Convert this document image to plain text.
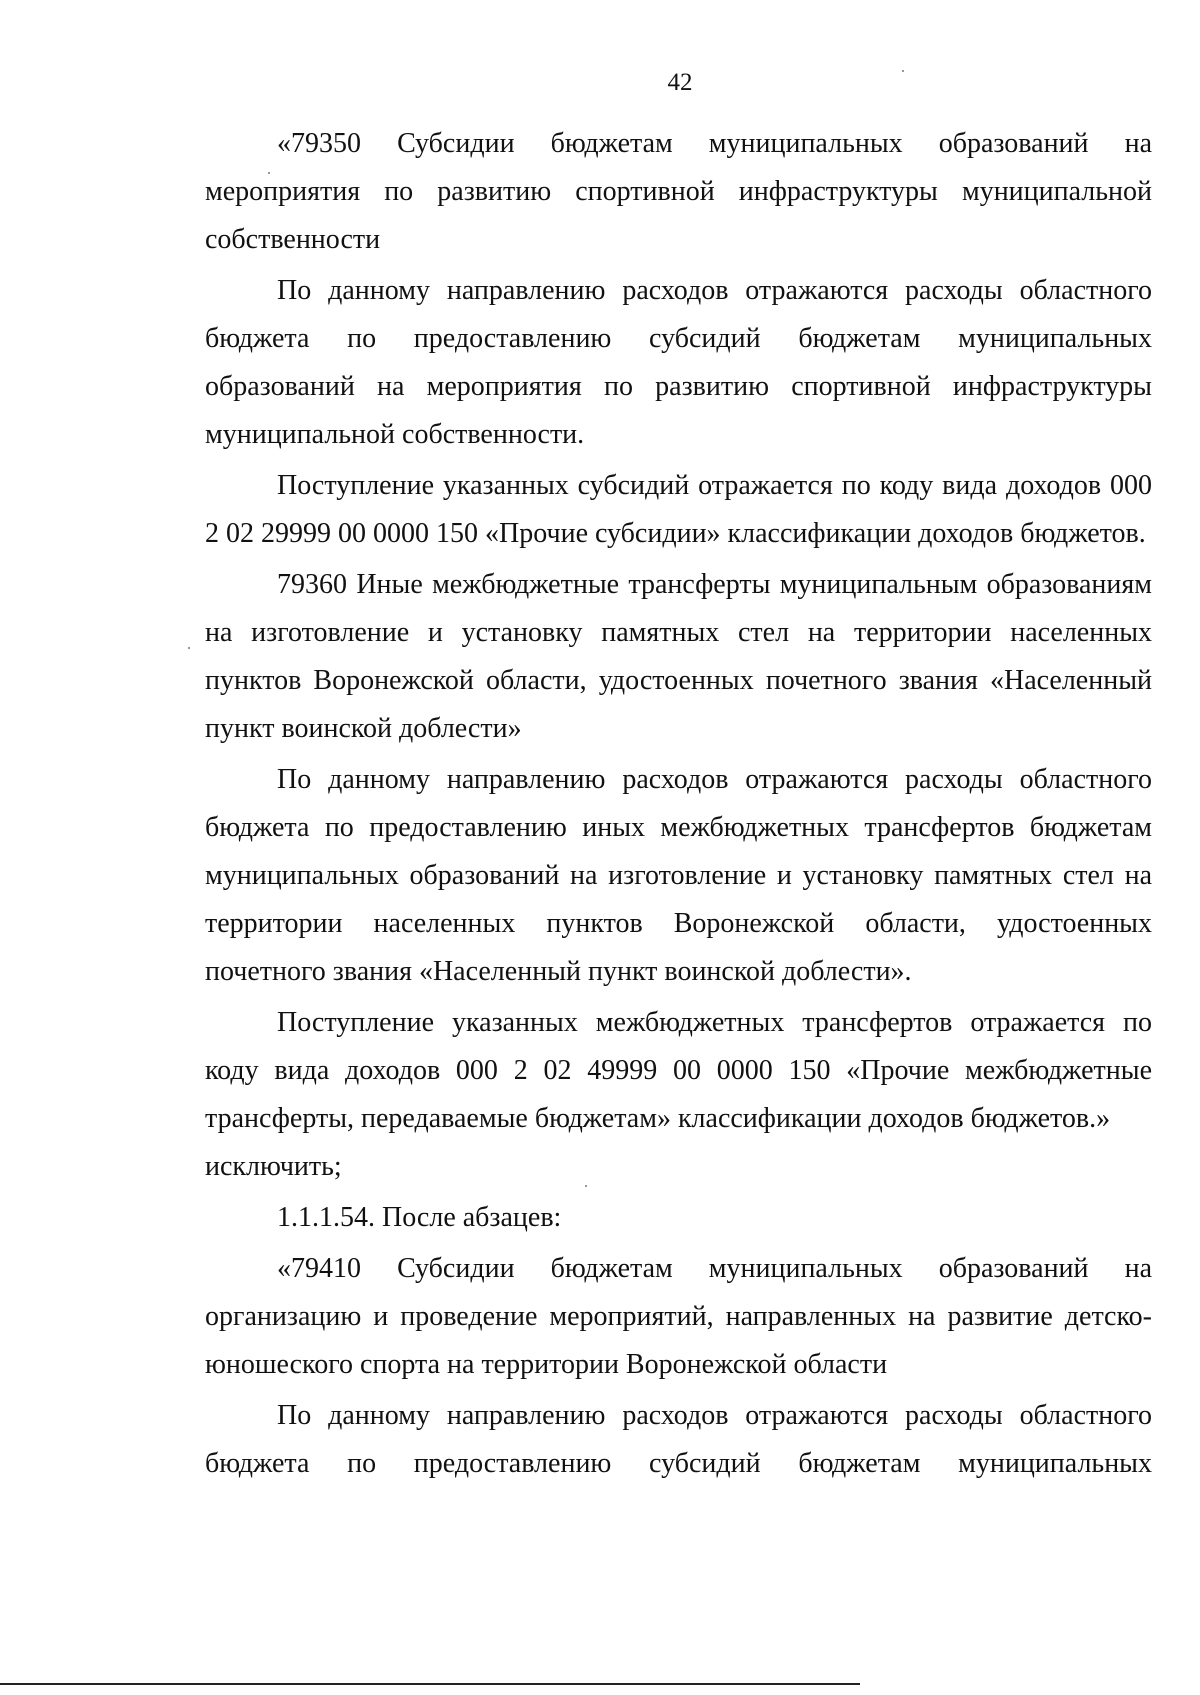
42

«79350 Субсидии бюджетам муниципальных образований на мероприятия по развитию спортивной инфраструктуры муниципальной собственности

По данному направлению расходов отражаются расходы областного бюджета по предоставлению субсидий бюджетам муниципальных образований на мероприятия по развитию спортивной инфраструктуры муниципальной собственности.

Поступление указанных субсидий отражается по коду вида доходов 000 2 02 29999 00 0000 150 «Прочие субсидии» классификации доходов бюджетов.

79360 Иные межбюджетные трансферты муниципальным образованиям на изготовление и установку памятных стел на территории населенных пунктов Воронежской области, удостоенных почетного звания «Населенный пункт воинской доблести»

По данному направлению расходов отражаются расходы областного бюджета по предоставлению иных межбюджетных трансфертов бюджетам муниципальных образований на изготовление и установку памятных стел на территории населенных пунктов Воронежской области, удостоенных почетного звания «Населенный пункт воинской доблести».

Поступление указанных межбюджетных трансфертов отражается по коду вида доходов 000 2 02 49999 00 0000 150 «Прочие межбюджетные трансферты, передаваемые бюджетам» классификации доходов бюджетов.»

исключить;

1.1.1.54. После абзацев:

«79410 Субсидии бюджетам муниципальных образований на организацию и проведение мероприятий, направленных на развитие детско-юношеского спорта на территории Воронежской области

По данному направлению расходов отражаются расходы областного бюджета по предоставлению субсидий бюджетам муниципальных
